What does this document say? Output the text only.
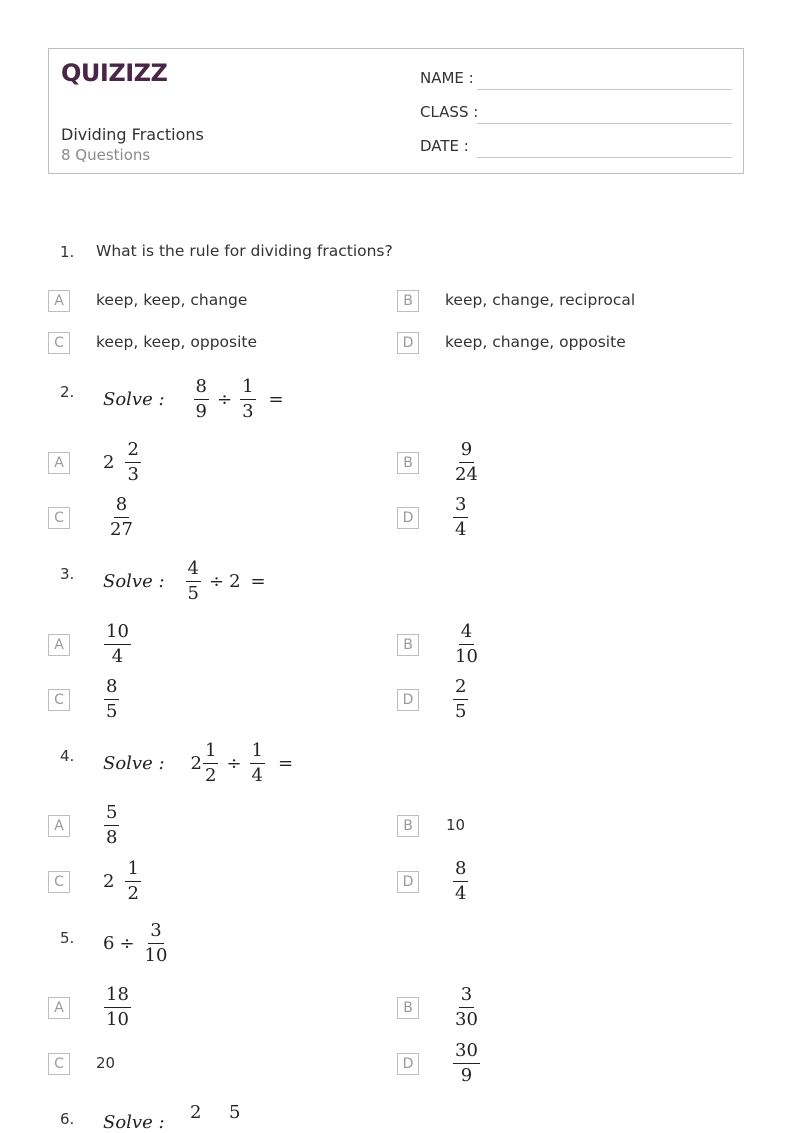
QUIZIZZ
Dividing Fractions
8 Questions
NAME :
CLASS :
DATE :
1. What is the rule for dividing fractions?
A	keep, keep, change	B	keep, change, reciprocal
C	keep, keep, opposite	D	keep, change, opposite
2. Solve : $\frac{8}{9} \div \frac{1}{3}$ =
A	$2 \frac{2}{3}$	B	$\frac{9}{24}$
C	$\frac{8}{27}$	D	$\frac{3}{4}$
3. Solve : $\frac{4}{5} \div 2$ =
A	$\frac{10}{4}$	B	$\frac{4}{10}$
C	$\frac{8}{5}$	D	$\frac{2}{5}$
4. Solve : $2 \frac{1}{2} \div \frac{1}{4}$ =
A	$\frac{5}{8}$	B	10
C	$2 \frac{1}{2}$	D	$\frac{8}{4}$
5. $6 \div \frac{3}{10}$
A	$\frac{18}{10}$	B	$\frac{3}{30}$
C	20	D	$\frac{30}{9}$
6. Solve : 2 5
